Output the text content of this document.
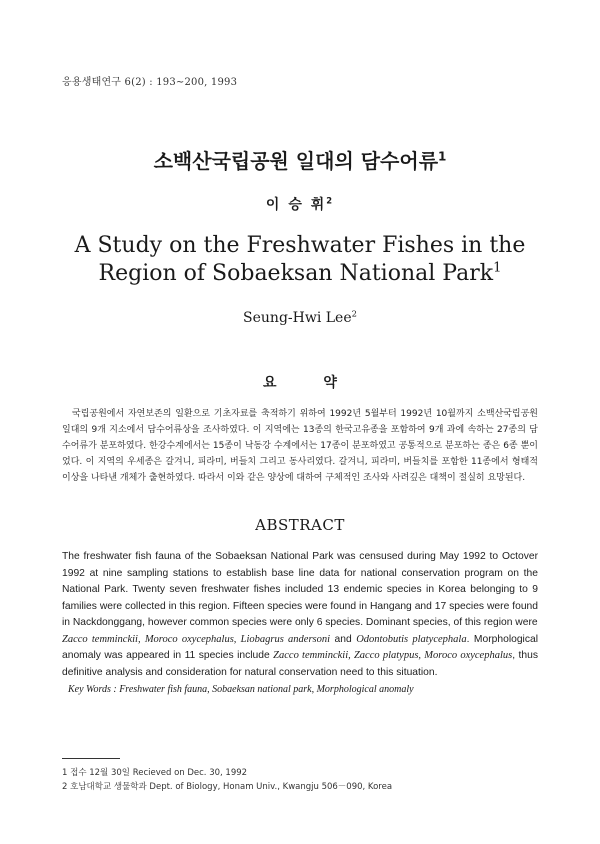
응용생태연구 6(2) : 193∼200, 1993
소백산국립공원 일대의 담수어류$^1$
이 승 휘$^2$
A Study on the Freshwater Fishes in the
Region of Sobaeksan National Park$^1$
Seung-Hwi Lee$^2$
요 약
국립공원에서 자연보존의 일환으로 기초자료를 축적하기 위하여 1992년 5월부터 1992년 10월까지 소백산국립공원 일대의 9개 지소에서 담수어류상을 조사하였다. 이 지역에는 13종의 한국고유종을 포함하여 9개 과에 속하는 27종의 담수어류가 분포하였다. 한강수계에서는 15종이 낙동강 수계에서는 17종이 분포하였고 공통적으로 분포하는 종은 6종 뿐이었다. 이 지역의 우세종은 갈겨니, 피라미, 버들치 그리고 동사리였다. 갈겨니, 피라미, 버들치를 포함한 11종에서 형태적 이상을 나타낸 개체가 출현하였다. 따라서 이와 같은 양상에 대하여 구체적인 조사와 사려깊은 대책이 절실히 요망된다.
ABSTRACT
The freshwater fish fauna of the Sobaeksan National Park was censused during May 1992 to Octover 1992 at nine sampling stations to establish base line data for national conservation program on the National Park. Twenty seven freshwater fishes included 13 endemic species in Korea belonging to 9 families were collected in this region. Fifteen species were found in Hangang and 17 species were found in Nackdonggang, however common species were only 6 species. Dominant species, of this region were
Zacco temminckii, Moroco oxycephalus, Liobagrus andersoni and Odontobutis platycephala. Morphological anomaly was appeared in 11 species include Zacco temminckii, Zacco platypus, Moroco oxycephalus, thus definitive analysis and consideration for natural conservation need to this situation.
Key Words : Freshwater fish fauna, Sobaeksan national park, Morphological anomaly
1 접수 12월 30일 Recieved on Dec. 30, 1992
2 호남대학교 생물학과 Dept. of Biology, Honam Univ., Kwangju 506－090, Korea
